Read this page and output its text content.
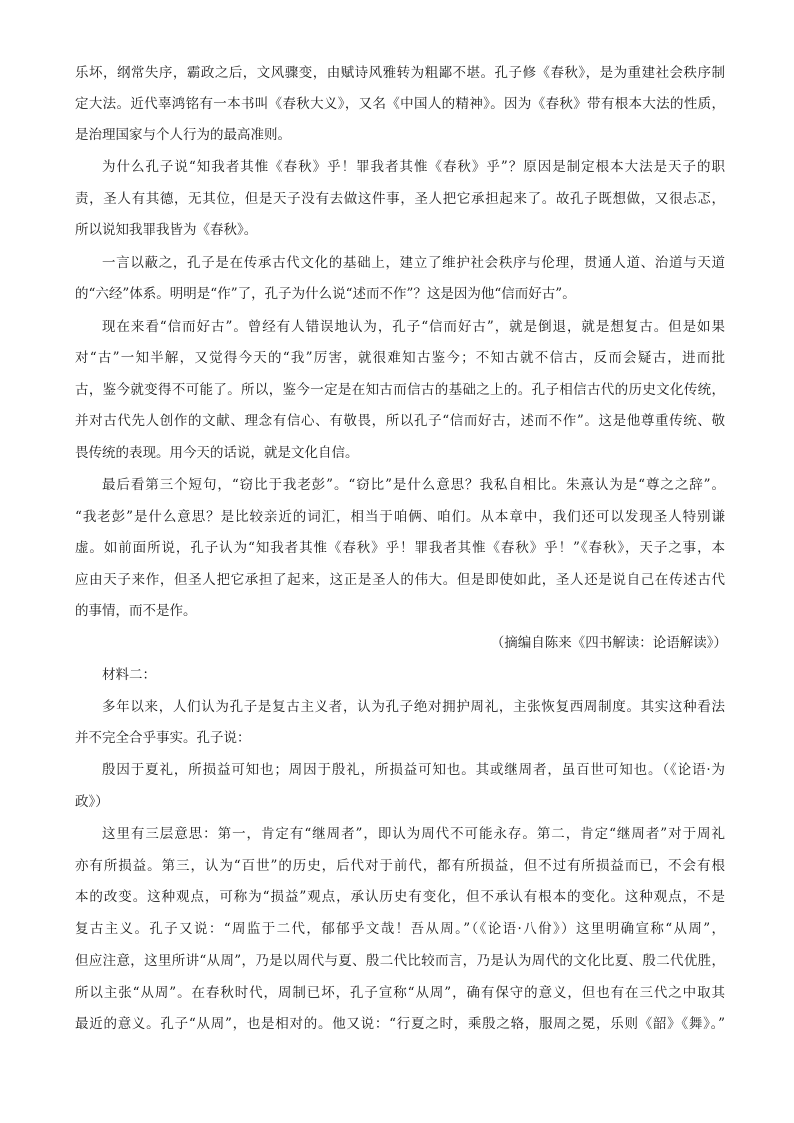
乐坏，纲常失序，霸政之后，文风骤变，由赋诗风雅转为粗鄙不堪。孔子修《春秋》，是为重建社会秩序制
定大法。近代辜鸿铭有一本书叫《春秋大义》，又名《中国人的精神》。因为《春秋》带有根本大法的性质，
是治理国家与个人行为的最高准则。
为什么孔子说“知我者其惟《春秋》乎！罪我者其惟《春秋》乎”？原因是制定根本大法是天子的职
责，圣人有其德，无其位，但是天子没有去做这件事，圣人把它承担起来了。故孔子既想做，又很忐忑，
所以说知我罪我皆为《春秋》。
一言以蔽之，孔子是在传承古代文化的基础上，建立了维护社会秩序与伦理，贯通人道、治道与天道
的“六经”体系。明明是“作”了，孔子为什么说“述而不作”？这是因为他“信而好古”。
现在来看“信而好古”。曾经有人错误地认为，孔子“信而好古”，就是倒退，就是想复古。但是如果
对“古”一知半解，又觉得今天的“我”厉害，就很难知古鉴今；不知古就不信古，反而会疑古，进而批
古，鉴今就变得不可能了。所以，鉴今一定是在知古而信古的基础之上的。孔子相信古代的历史文化传统，
并对古代先人创作的文献、理念有信心、有敬畏，所以孔子“信而好古，述而不作”。这是他尊重传统、敬
畏传统的表现。用今天的话说，就是文化自信。
最后看第三个短句，“窃比于我老彭”。“窃比”是什么意思？我私自相比。朱熹认为是“尊之之辞”。
“我老彭”是什么意思？是比较亲近的词汇，相当于咱俩、咱们。从本章中，我们还可以发现圣人特别谦
虚。如前面所说，孔子认为“知我者其惟《春秋》乎！罪我者其惟《春秋》乎！”《春秋》，天子之事，本
应由天子来作，但圣人把它承担了起来，这正是圣人的伟大。但是即使如此，圣人还是说自己在传述古代
的事情，而不是作。
（摘编自陈来《四书解读：论语解读》）
材料二：
多年以来，人们认为孔子是复古主义者，认为孔子绝对拥护周礼，主张恢复西周制度。其实这种看法
并不完全合乎事实。孔子说：
殷因于夏礼，所损益可知也；周因于殷礼，所损益可知也。其或继周者，虽百世可知也。（《论语·为
政》）
这里有三层意思：第一，肯定有“继周者”，即认为周代不可能永存。第二，肯定“继周者”对于周礼
亦有所损益。第三，认为“百世”的历史，后代对于前代，都有所损益，但不过有所损益而已，不会有根
本的改变。这种观点，可称为“损益”观点，承认历史有变化，但不承认有根本的变化。这种观点，不是
复古主义。孔子又说：“周监于二代，郁郁乎文哉！吾从周。”（《论语·八佾》）这里明确宣称“从周”，
但应注意，这里所讲“从周”，乃是以周代与夏、殷二代比较而言，乃是认为周代的文化比夏、殷二代优胜，
所以主张“从周”。在春秋时代，周制已坏，孔子宣称“从周”，确有保守的意义，但也有在三代之中取其
最近的意义。孔子“从周”，也是相对的。他又说：“行夏之时，乘殷之辂，服周之冕，乐则《韶》《舞》。”
